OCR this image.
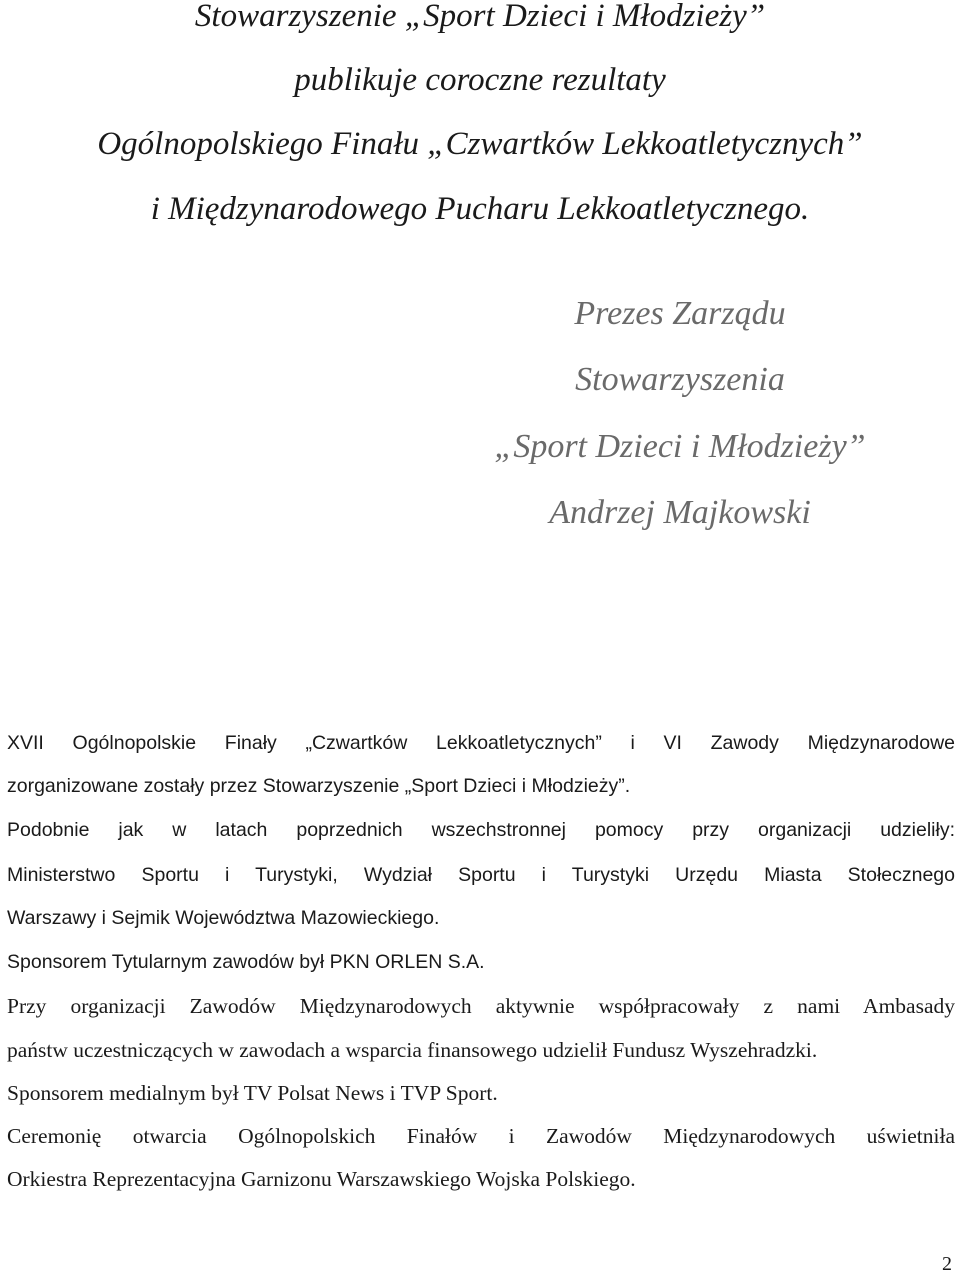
Stowarzyszenie „Sport Dzieci i Młodzieży”
publikuje coroczne rezultaty
Ogólnopolskiego Finału „Czwartków Lekkoatletycznych”
i Międzynarodowego Pucharu Lekkoatletycznego.
Prezes Zarządu
Stowarzyszenia
„Sport Dzieci i Młodzieży”
Andrzej Majkowski
XVII Ogólnopolskie Finały „Czwartków Lekkoatletycznych” i VI Zawody Międzynarodowe
zorganizowane zostały przez Stowarzyszenie „Sport Dzieci i Młodzieży”.
Podobnie jak w latach poprzednich wszechstronnej pomocy przy organizacji udzieliły:
Ministerstwo Sportu i Turystyki, Wydział Sportu i Turystyki Urzędu Miasta Stołecznego
Warszawy i Sejmik Województwa Mazowieckiego.
Sponsorem Tytularnym zawodów był PKN ORLEN S.A.
Przy organizacji Zawodów Międzynarodowych aktywnie współpracowały z nami Ambasady
państw uczestniczących w zawodach a wsparcia finansowego udzielił Fundusz Wyszehradzki.
Sponsorem medialnym był TV Polsat News i TVP Sport.
Ceremonię otwarcia Ogólnopolskich Finałów i Zawodów Międzynarodowych uświetniła
Orkiestra Reprezentacyjna Garnizonu Warszawskiego Wojska Polskiego.
2
